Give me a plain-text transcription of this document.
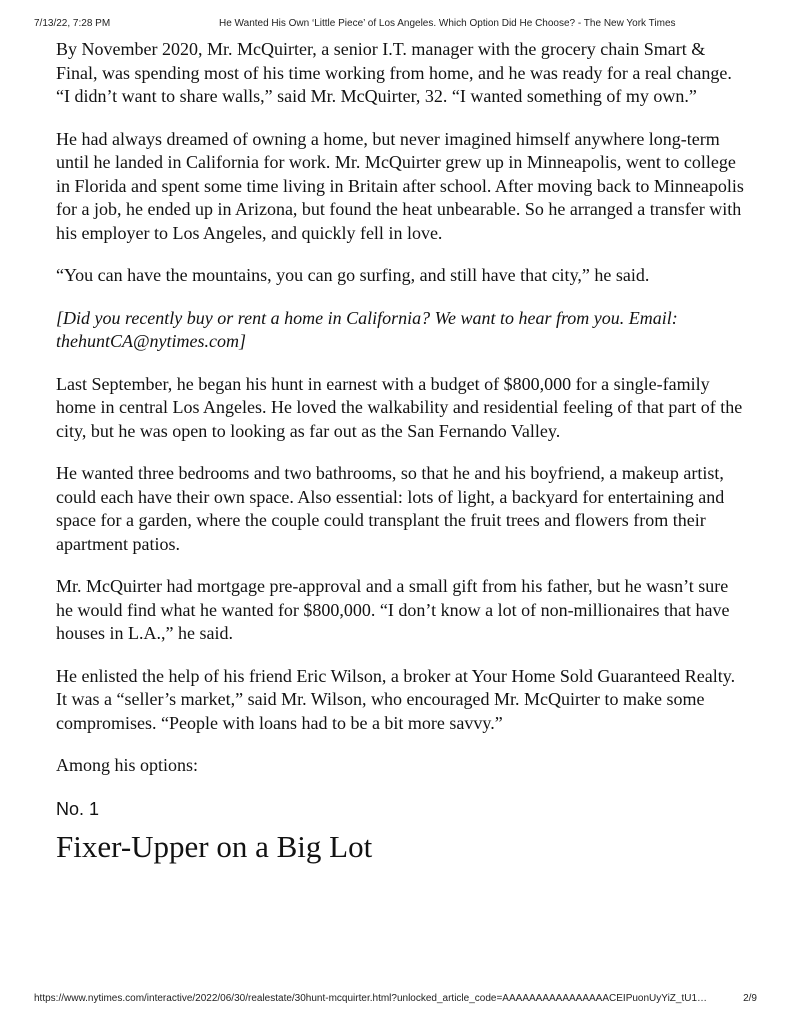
7/13/22, 7:28 PM	He Wanted His Own ‘Little Piece’ of Los Angeles. Which Option Did He Choose? - The New York Times

By November 2020, Mr. McQuirter, a senior I.T. manager with the grocery chain Smart & Final, was spending most of his time working from home, and he was ready for a real change. “I didn’t want to share walls,” said Mr. McQuirter, 32. “I wanted something of my own.”

He had always dreamed of owning a home, but never imagined himself anywhere long-term until he landed in California for work. Mr. McQuirter grew up in Minneapolis, went to college in Florida and spent some time living in Britain after school. After moving back to Minneapolis for a job, he ended up in Arizona, but found the heat unbearable. So he arranged a transfer with his employer to Los Angeles, and quickly fell in love.

“You can have the mountains, you can go surfing, and still have that city,” he said.

[Did you recently buy or rent a home in California? We want to hear from you. Email: thehuntCA@nytimes.com]

Last September, he began his hunt in earnest with a budget of $800,000 for a single-family home in central Los Angeles. He loved the walkability and residential feeling of that part of the city, but he was open to looking as far out as the San Fernando Valley.

He wanted three bedrooms and two bathrooms, so that he and his boyfriend, a makeup artist, could each have their own space. Also essential: lots of light, a backyard for entertaining and space for a garden, where the couple could transplant the fruit trees and flowers from their apartment patios.

Mr. McQuirter had mortgage pre-approval and a small gift from his father, but he wasn’t sure he would find what he wanted for $800,000. “I don’t know a lot of non-millionaires that have houses in L.A.,” he said.

He enlisted the help of his friend Eric Wilson, a broker at Your Home Sold Guaranteed Realty. It was a “seller’s market,” said Mr. Wilson, who encouraged Mr. McQuirter to make some compromises. “People with loans had to be a bit more savvy.”

Among his options:

No. 1
Fixer-Upper on a Big Lot
https://www.nytimes.com/interactive/2022/06/30/realestate/30hunt-mcquirter.html?unlocked_article_code=AAAAAAAAAAAAAAAACEIPuonUyYiZ_tU1…	2/9
